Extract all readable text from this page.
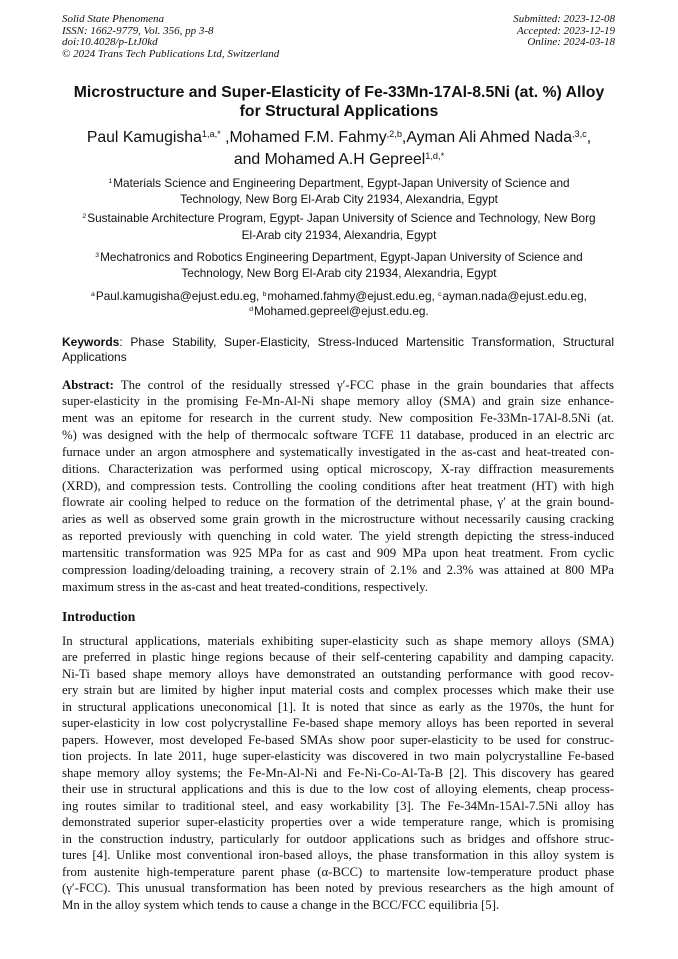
Solid State Phenomena
ISSN: 1662-9779, Vol. 356, pp 3-8
doi:10.4028/p-LtJ0kd
© 2024 Trans Tech Publications Ltd, Switzerland
Submitted: 2023-12-08
Accepted: 2023-12-19
Online: 2024-03-18
Microstructure and Super-Elasticity of Fe-33Mn-17Al-8.5Ni (at. %) Alloy
for Structural Applications
Paul Kamugisha$^{1,a,*}$ ,Mohamed F.M. Fahmy$^{,2,b}$,Ayman Ali Ahmed Nada$^{,3,c}$,
and Mohamed A.H Gepreel$^{1,d,*}$
$^1$Materials Science and Engineering Department, Egypt-Japan University of Science and
Technology, New Borg El-Arab City 21934, Alexandria, Egypt
$^2$Sustainable Architecture Program, Egypt- Japan University of Science and Technology, New Borg
El-Arab city 21934, Alexandria, Egypt
$^3$Mechatronics and Robotics Engineering Department, Egypt-Japan University of Science and
Technology, New Borg El-Arab city 21934, Alexandria, Egypt
$^a$Paul.kamugisha@ejust.edu.eg, $^b$mohamed.fahmy@ejust.edu.eg, $^c$ayman.nada@ejust.edu.eg,
$^d$Mohamed.gepreel@ejust.edu.eg.
Keywords: Phase Stability, Super-Elasticity, Stress-Induced Martensitic Transformation, Structural
Applications
Abstract: The control of the residually stressed γ′-FCC phase in the grain boundaries that affects
super-elasticity in the promising Fe-Mn-Al-Ni shape memory alloy (SMA) and grain size enhance-
ment was an epitome for research in the current study. New composition Fe-33Mn-17Al-8.5Ni (at.
%) was designed with the help of thermocalc software TCFE 11 database, produced in an electric arc
furnace under an argon atmosphere and systematically investigated in the as-cast and heat-treated con-
ditions. Characterization was performed using optical microscopy, X-ray diffraction measurements
(XRD), and compression tests. Controlling the cooling conditions after heat treatment (HT) with high
flowrate air cooling helped to reduce on the formation of the detrimental phase, γ′ at the grain bound-
aries as well as observed some grain growth in the microstructure without necessarily causing cracking
as reported previously with quenching in cold water. The yield strength depicting the stress-induced
martensitic transformation was 925 MPa for as cast and 909 MPa upon heat treatment. From cyclic
compression loading/deloading training, a recovery strain of 2.1% and 2.3% was attained at 800 MPa
maximum stress in the as-cast and heat treated-conditions, respectively.
Introduction
In structural applications, materials exhibiting super-elasticity such as shape memory alloys (SMA)
are preferred in plastic hinge regions because of their self-centering capability and damping capacity.
Ni-Ti based shape memory alloys have demonstrated an outstanding performance with good recov-
ery strain but are limited by higher input material costs and complex processes which make their use
in structural applications uneconomical [1]. It is noted that since as early as the 1970s, the hunt for
super-elasticity in low cost polycrystalline Fe-based shape memory alloys has been reported in several
papers. However, most developed Fe-based SMAs show poor super-elasticity to be used for construc-
tion projects. In late 2011, huge super-elasticity was discovered in two main polycrystalline Fe-based
shape memory alloy systems; the Fe-Mn-Al-Ni and Fe-Ni-Co-Al-Ta-B [2]. This discovery has geared
their use in structural applications and this is due to the low cost of alloying elements, cheap process-
ing routes similar to traditional steel, and easy workability [3]. The Fe-34Mn-15Al-7.5Ni alloy has
demonstrated superior super-elasticity properties over a wide temperature range, which is promising
in the construction industry, particularly for outdoor applications such as bridges and offshore struc-
tures [4]. Unlike most conventional iron-based alloys, the phase transformation in this alloy system is
from austenite high-temperature parent phase (α-BCC) to martensite low-temperature product phase
(γ′-FCC). This unusual transformation has been noted by previous researchers as the high amount of
Mn in the alloy system which tends to cause a change in the BCC/FCC equilibria [5].
